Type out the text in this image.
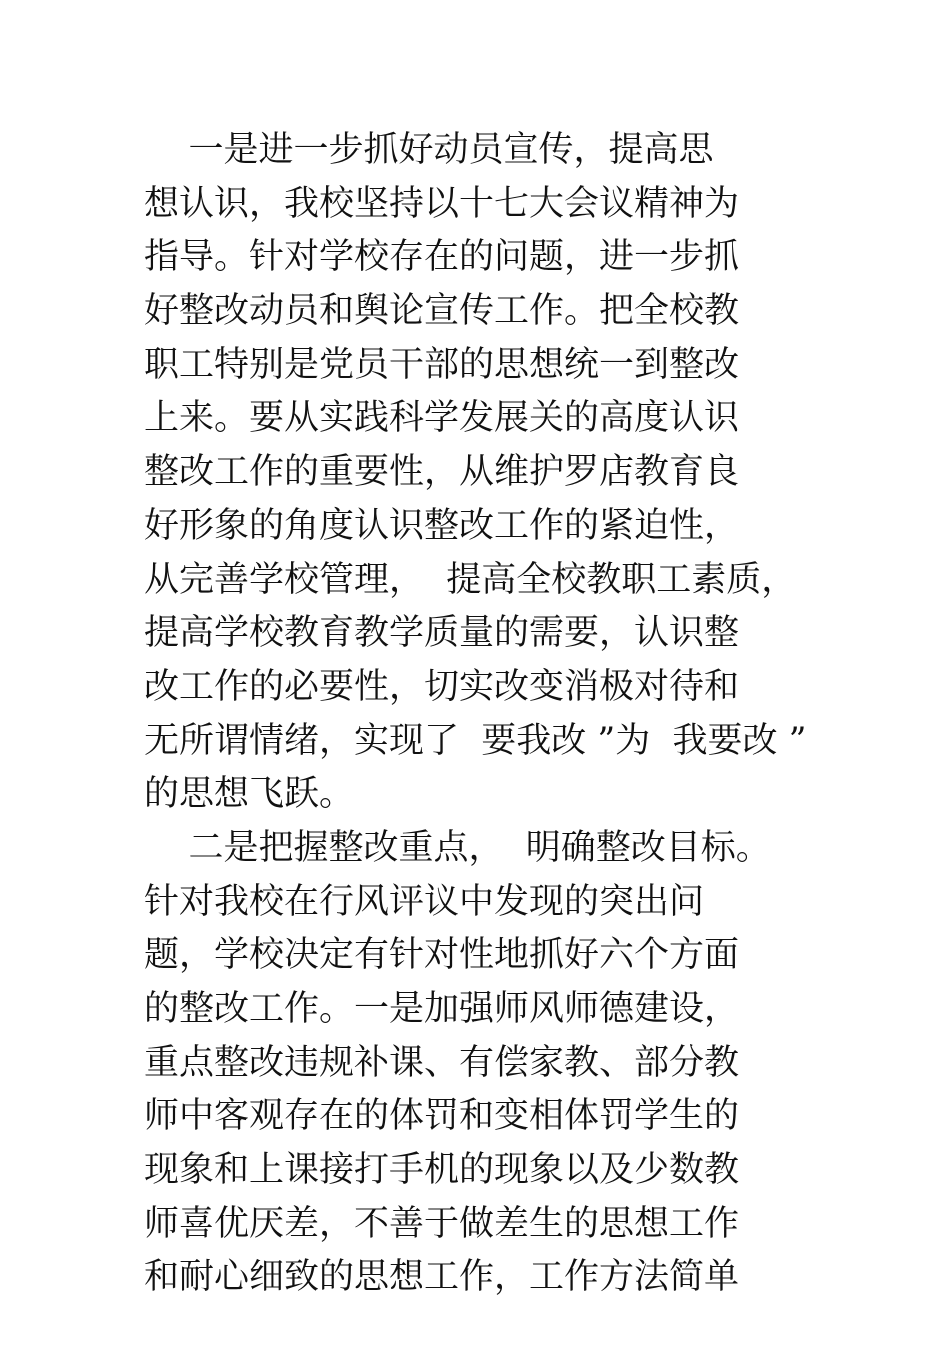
一是进一步抓好动员宣传，提高思
想认识，我校坚持以十七大会议精神为
指导。针对学校存在的问题，进一步抓
好整改动员和舆论宣传工作。把全校教
职工特别是党员干部的思想统一到整改
上来。要从实践科学发展关的高度认识
整改工作的重要性，从维护罗店教育良
好形象的角度认识整改工作的紧迫性，
从完善学校管理，  提高全校教职工素质，
提高学校教育教学质量的需要，认识整
改工作的必要性，切实改变消极对待和
无所谓情绪，实现了  要我改 ”为  我要改 ”
的思想飞跃。
二是把握整改重点，  明确整改目标。
针对我校在行风评议中发现的突出问
题，学校决定有针对性地抓好六个方面
的整改工作。一是加强师风师德建设，
重点整改违规补课、有偿家教、部分教
师中客观存在的体罚和变相体罚学生的
现象和上课接打手机的现象以及少数教
师喜优厌差，不善于做差生的思想工作
和耐心细致的思想工作，工作方法简单
